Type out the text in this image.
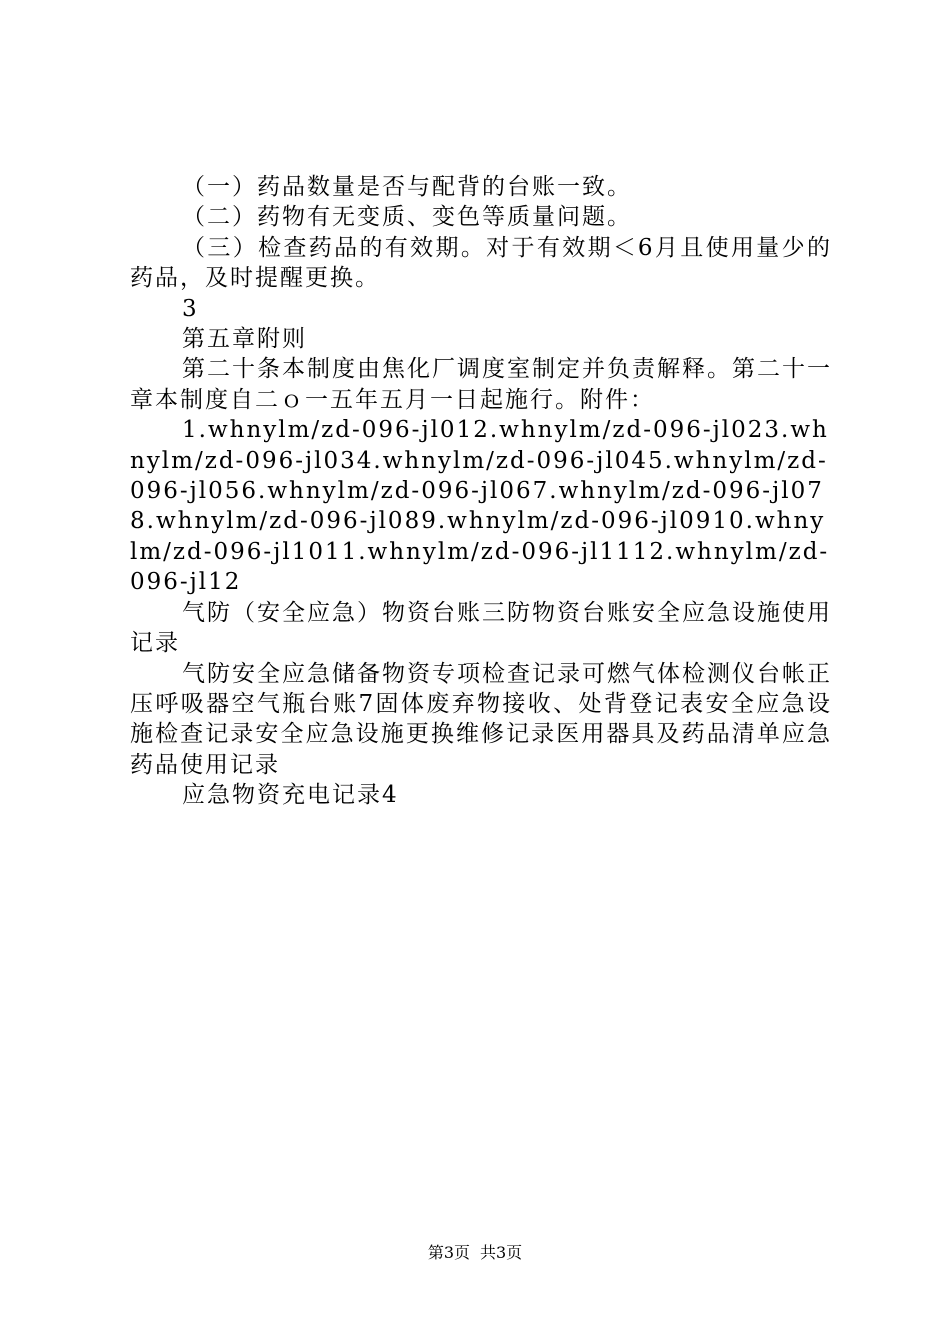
（一）药品数量是否与配背的台账一致。

（二）药物有无变质、变色等质量问题。

（三）检查药品的有效期。对于有效期＜6月且使用量少的药品，及时提醒更换。

3

第五章附则

第二十条本制度由焦化厂调度室制定并负责解释。第二十一章本制度自二ｏ一五年五月一日起施行。附件：

1.whnylm/zd-096-jl012.whnylm/zd-096-jl023.whnylm/zd-096-jl034.whnylm/zd-096-jl045.whnylm/zd-096-jl056.whnylm/zd-096-jl067.whnylm/zd-096-jl078.whnylm/zd-096-jl089.whnylm/zd-096-jl0910.whnylm/zd-096-jl1011.whnylm/zd-096-jl1112.whnylm/zd-096-jl12

气防（安全应急）物资台账三防物资台账安全应急设施使用记录

气防安全应急储备物资专项检查记录可燃气体检测仪台帐正压呼吸器空气瓶台账7固体废弃物接收、处背登记表安全应急设施检查记录安全应急设施更换维修记录医用器具及药品清单应急药品使用记录

应急物资充电记录4

第3页 共3页
